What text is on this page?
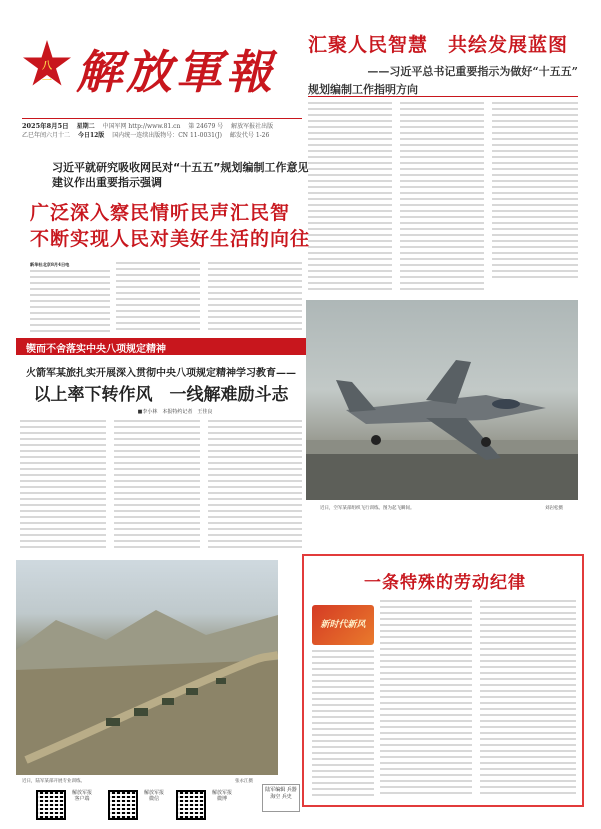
八一 解放軍報
2025年8月5日 星期二 中国军网 http://www.81.cn 第 24679 号 解放军报社出版
乙巳年闰六月十二 今日12版 国内统一连续出版物号：CN 11-0031(J) 邮发代号 1-26
汇聚人民智慧　共绘发展蓝图
——习近平总书记重要指示为做好“十五五”
规划编制工作指明方向
习近平就研究吸收网民对“十五五”规划编制工作意见建议作出重要指示强调
广泛深入察民情听民声汇民智 不断实现人民对美好生活的向往
新华社北京8月4日电
锲而不舍落实中央八项规定精神
火箭军某旅扎实开展深入贯彻中央八项规定精神学习教育——
以上率下转作风　一线解难励斗志
■李小林　本报特约记者　王佳良
近日，空军某部组织飞行训练。图为起飞瞬间。	刘岩松摄
近日，陆军某部开展专业训练。	张永江摄
一条特殊的劳动纪律
新时代新风
解放军报客户端
解放军报微信
解放军报微博
陆军编辑 兵器 海空 兵史
